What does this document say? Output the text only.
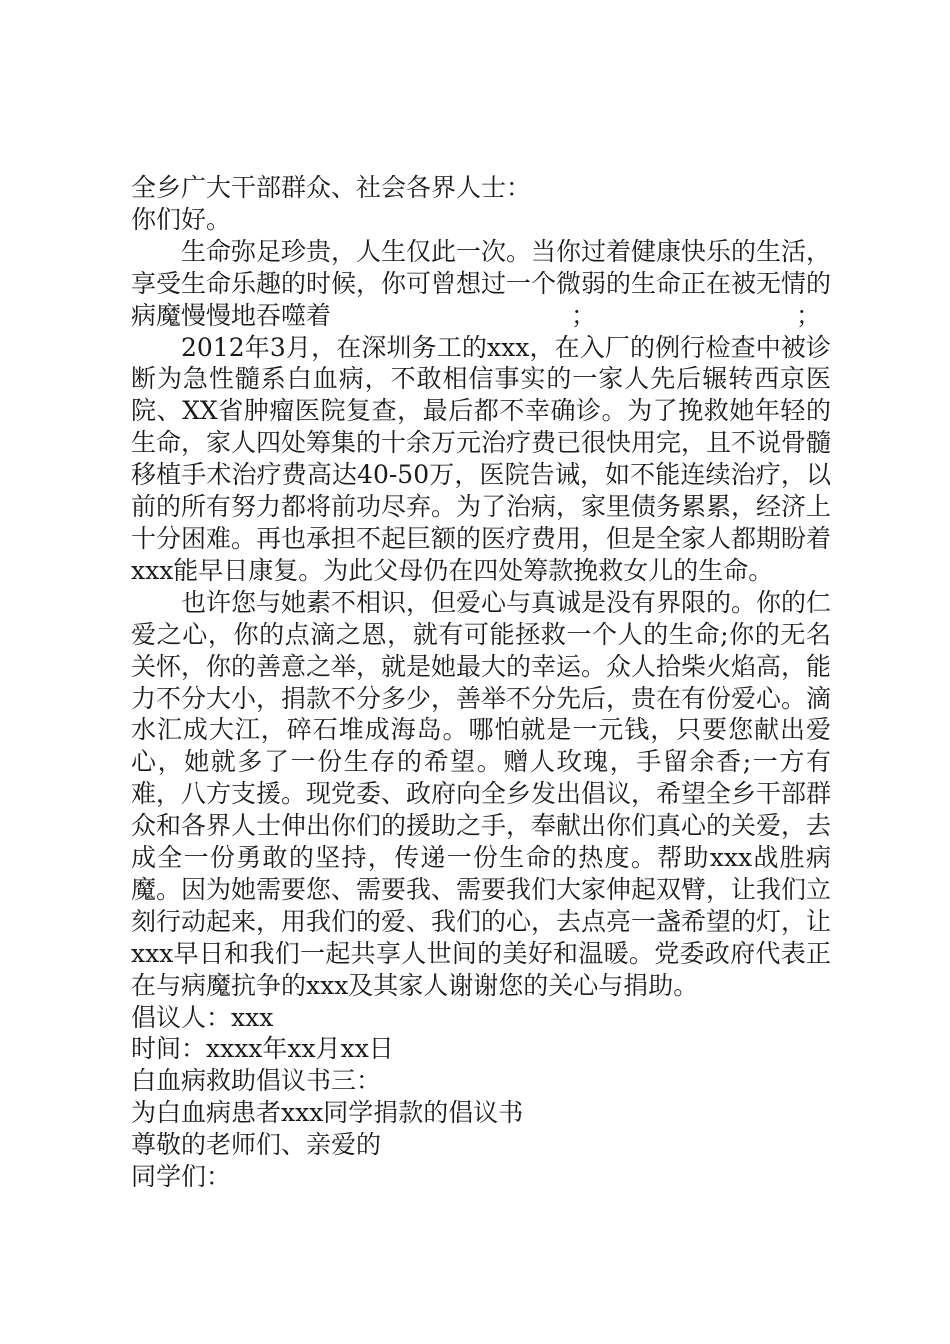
全乡广大干部群众、社会各界人士：

你们好。

生命弥足珍贵，人生仅此一次。当你过着健康快乐的生活，享受生命乐趣的时候，你可曾想过一个微弱的生命正在被无情的病魔慢慢地吞噬着	；	；

2012年3月，在深圳务工的xxx，在入厂的例行检查中被诊断为急性髓系白血病，不敢相信事实的一家人先后辗转西京医院、XX省肿瘤医院复查，最后都不幸确诊。为了挽救她年轻的生命，家人四处筹集的十余万元治疗费已很快用完，且不说骨髓移植手术治疗费高达40-50万，医院告诫，如不能连续治疗，以前的所有努力都将前功尽弃。为了治病，家里债务累累，经济上十分困难。再也承担不起巨额的医疗费用，但是全家人都期盼着xxx能早日康复。为此父母仍在四处筹款挽救女儿的生命。

也许您与她素不相识，但爱心与真诚是没有界限的。你的仁爱之心，你的点滴之恩，就有可能拯救一个人的生命;你的无名关怀，你的善意之举，就是她最大的幸运。众人拾柴火焰高，能力不分大小，捐款不分多少，善举不分先后，贵在有份爱心。滴水汇成大江，碎石堆成海岛。哪怕就是一元钱，只要您献出爱心，她就多了一份生存的希望。赠人玫瑰，手留余香;一方有难，八方支援。现党委、政府向全乡发出倡议，希望全乡干部群众和各界人士伸出你们的援助之手，奉献出你们真心的关爱，去成全一份勇敢的坚持，传递一份生命的热度。帮助xxx战胜病魔。因为她需要您、需要我、需要我们大家伸起双臂，让我们立刻行动起来，用我们的爱、我们的心，去点亮一盏希望的灯，让xxx早日和我们一起共享人世间的美好和温暖。党委政府代表正在与病魔抗争的xxx及其家人谢谢您的关心与捐助。

倡议人：xxx

时间：xxxx年xx月xx日

白血病救助倡议书三：

为白血病患者xxx同学捐款的倡议书

尊敬的老师们、亲爱的

同学们：
